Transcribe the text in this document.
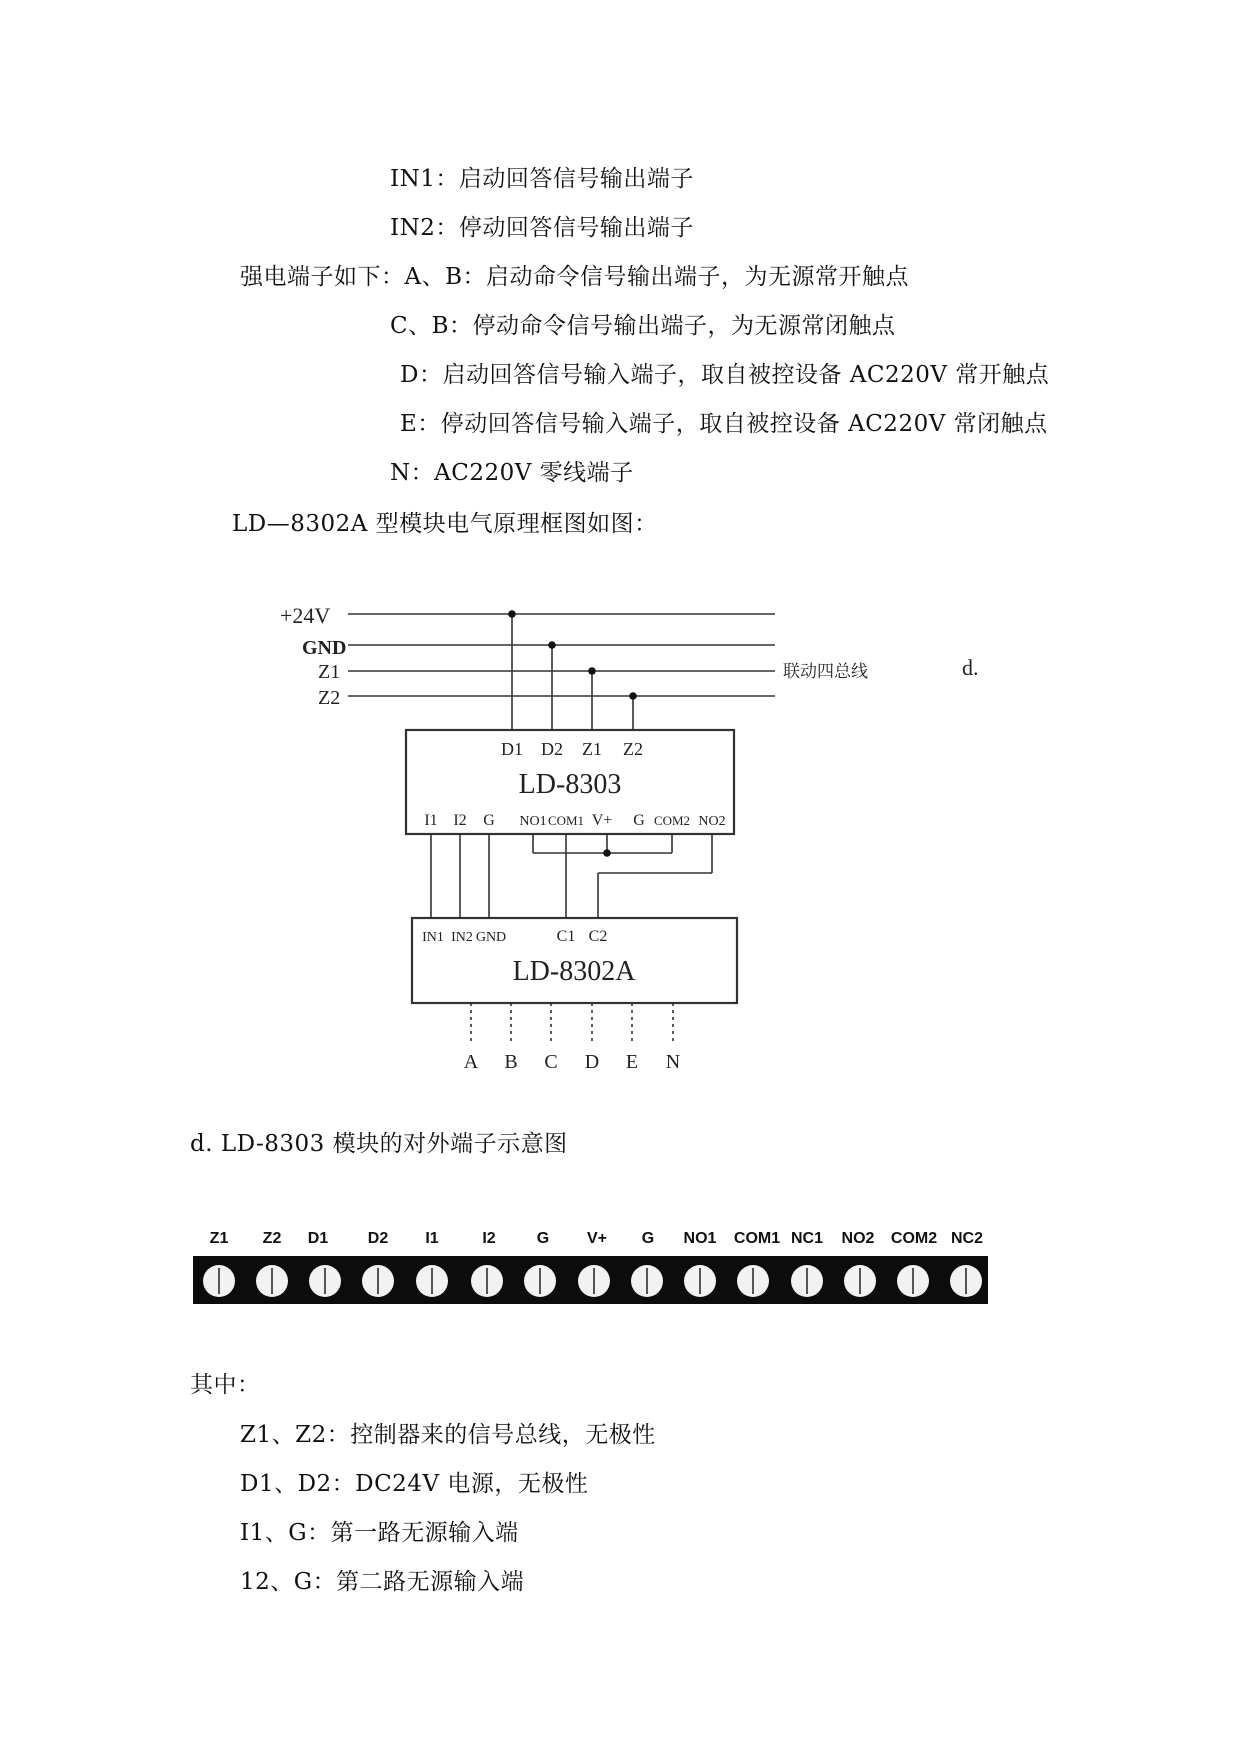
IN1：启动回答信号输出端子
IN2：停动回答信号输出端子
强电端子如下：A、B：启动命令信号输出端子，为无源常开触点
C、B：停动命令信号输出端子，为无源常闭触点
D：启动回答信号输入端子，取自被控设备 AC220V 常开触点
E：停动回答信号输入端子，取自被控设备 AC220V 常闭触点
N：AC220V 零线端子
LD—8302A 型模块电气原理框图如图：
+24V
GND
Z1
Z2
联动四总线	d.
D1 D2 Z1 Z2
LD-8303
I1 I2 G NO1 COM1 V+ G COM2 NO2
IN1 IN2 GND	C1 C2
LD-8302A
A B C D E N
d. LD-8303 模块的对外端子示意图
Z1 Z2 D1 D2 I1	I2	G V+ G NO1 COM1 NC1 NO2 COM2 NC2
其中：
Z1、Z2：控制器来的信号总线，无极性
D1、D2：DC24V 电源，无极性
I1、G：第一路无源输入端
12、G：第二路无源输入端
